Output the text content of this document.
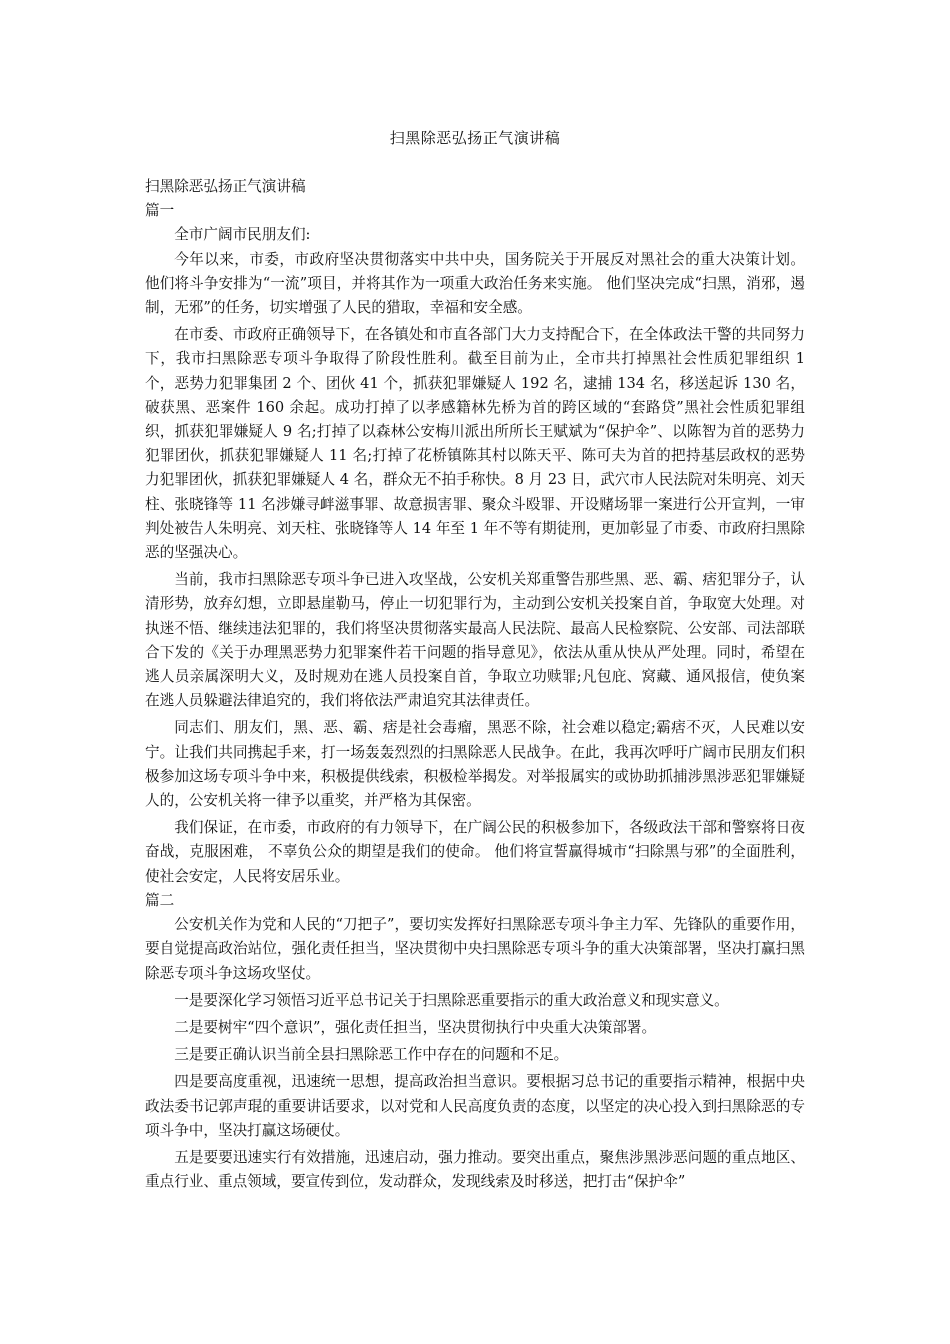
扫黑除恶弘扬正气演讲稿

扫黑除恶弘扬正气演讲稿

篇一

全市广阔市民朋友们:

今年以来，市委，市政府坚决贯彻落实中共中央，国务院关于开展反对黑社会的重大决策计划。 他们将斗争安排为“一流”项目，并将其作为一项重大政治任务来实施。 他们坚决完成“扫黑，消邪，遏制，无邪”的任务，切实增强了人民的猎取，幸福和安全感。

在市委、市政府正确领导下，在各镇处和市直各部门大力支持配合下，在全体政法干警的共同努力下，我市扫黑除恶专项斗争取得了阶段性胜利。截至目前为止，全市共打掉黑社会性质犯罪组织 1 个，恶势力犯罪集团 2 个、团伙 41 个，抓获犯罪嫌疑人 192 名，逮捕 134 名，移送起诉 130 名，破获黑、恶案件 160 余起。成功打掉了以孝感籍林先桥为首的跨区域的“套路贷”黑社会性质犯罪组织，抓获犯罪嫌疑人 9 名;打掉了以森林公安梅川派出所所长王赋斌为“保护伞”、以陈智为首的恶势力犯罪团伙，抓获犯罪嫌疑人 11 名;打掉了花桥镇陈其村以陈天平、陈可夫为首的把持基层政权的恶势力犯罪团伙，抓获犯罪嫌疑人 4 名，群众无不拍手称快。8 月 23 日，武穴市人民法院对朱明亮、刘天柱、张晓锋等 11 名涉嫌寻衅滋事罪、故意损害罪、聚众斗殴罪、开设赌场罪一案进行公开宣判，一审判处被告人朱明亮、刘天柱、张晓锋等人 14 年至 1 年不等有期徒刑，更加彰显了市委、市政府扫黑除恶的坚强决心。

当前，我市扫黑除恶专项斗争已进入攻坚战，公安机关郑重警告那些黑、恶、霸、痞犯罪分子，认清形势，放弃幻想，立即悬崖勒马，停止一切犯罪行为，主动到公安机关投案自首，争取宽大处理。对执迷不悟、继续违法犯罪的，我们将坚决贯彻落实最高人民法院、最高人民检察院、公安部、司法部联合下发的《关于办理黑恶势力犯罪案件若干问题的指导意见》，依法从重从快从严处理。同时，希望在逃人员亲属深明大义，及时规劝在逃人员投案自首，争取立功赎罪;凡包庇、窝藏、通风报信，使负案在逃人员躲避法律追究的，我们将依法严肃追究其法律责任。

同志们、朋友们，黑、恶、霸、痞是社会毒瘤，黑恶不除，社会难以稳定;霸痞不灭，人民难以安宁。让我们共同携起手来，打一场轰轰烈烈的扫黑除恶人民战争。在此，我再次呼吁广阔市民朋友们积极参加这场专项斗争中来，积极提供线索，积极检举揭发。对举报属实的或协助抓捕涉黑涉恶犯罪嫌疑人的，公安机关将一律予以重奖，并严格为其保密。

我们保证，在市委，市政府的有力领导下，在广阔公民的积极参加下，各级政法干部和警察将日夜奋战，克服困难， 不辜负公众的期望是我们的使命。 他们将宣誓赢得城市“扫除黑与邪”的全面胜利，使社会安定，人民将安居乐业。

篇二

公安机关作为党和人民的“刀把子”，要切实发挥好扫黑除恶专项斗争主力军、先锋队的重要作用，要自觉提高政治站位，强化责任担当，坚决贯彻中央扫黑除恶专项斗争的重大决策部署，坚决打赢扫黑除恶专项斗争这场攻坚仗。

一是要深化学习领悟习近平总书记关于扫黑除恶重要指示的重大政治意义和现实意义。

二是要树牢“四个意识”，强化责任担当，坚决贯彻执行中央重大决策部署。

三是要正确认识当前全县扫黑除恶工作中存在的问题和不足。

四是要高度重视，迅速统一思想，提高政治担当意识。要根据习总书记的重要指示精神，根据中央政法委书记郭声琨的重要讲话要求，以对党和人民高度负责的态度，以坚定的决心投入到扫黑除恶的专项斗争中，坚决打赢这场硬仗。

五是要要迅速实行有效措施，迅速启动，强力推动。要突出重点，聚焦涉黑涉恶问题的重点地区、重点行业、重点领域，要宣传到位，发动群众，发现线索及时移送，把打击“保护伞”
